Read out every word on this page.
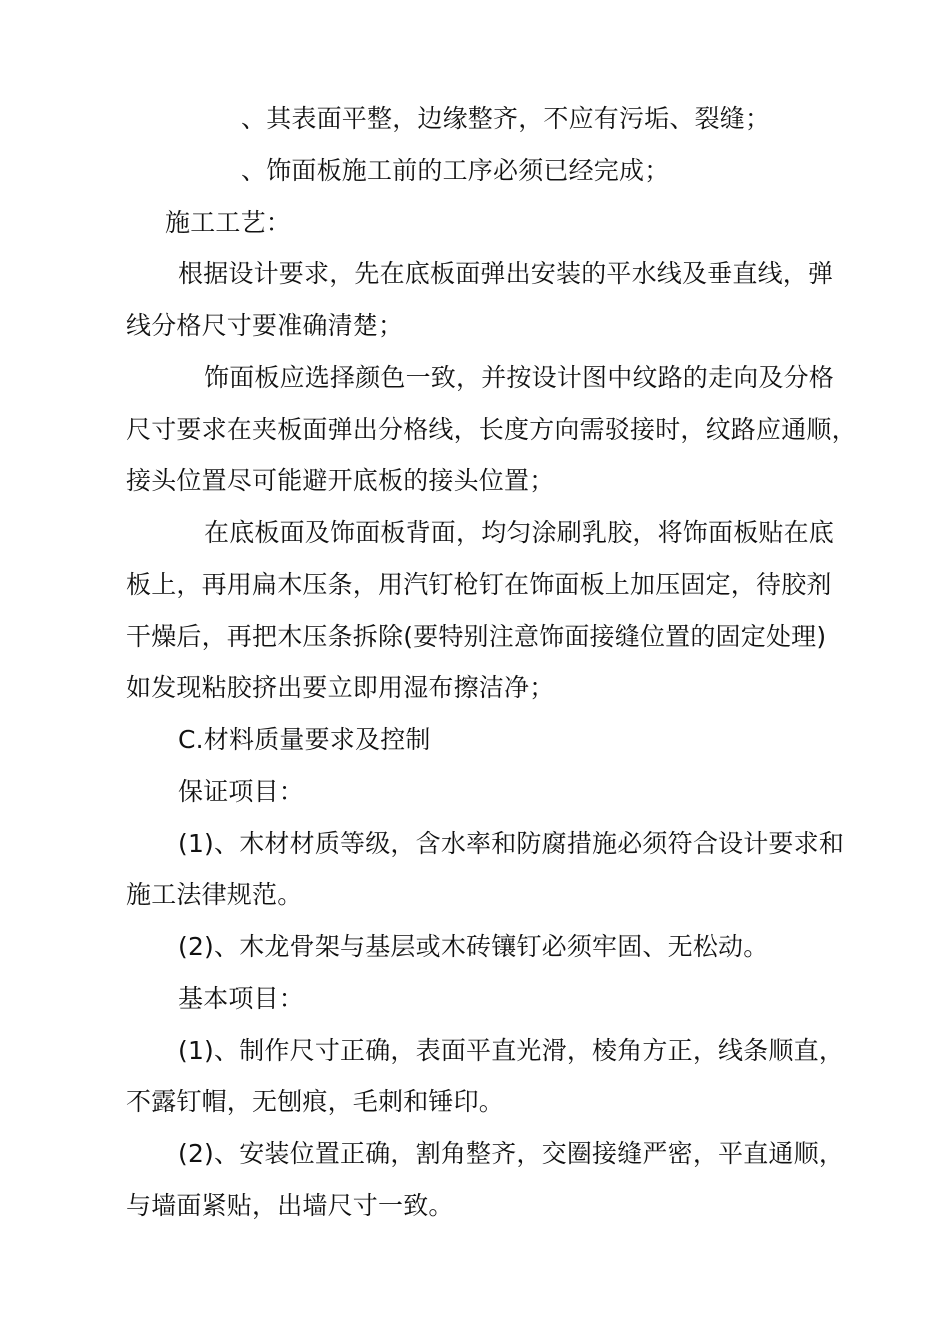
、其表面平整，边缘整齐，不应有污垢、裂缝；
、饰面板施工前的工序必须已经完成；
施工工艺：
根据设计要求，先在底板面弹出安装的平水线及垂直线，弹
线分格尺寸要准确清楚；
饰面板应选择颜色一致，并按设计图中纹路的走向及分格
尺寸要求在夹板面弹出分格线，长度方向需驳接时，纹路应通顺，
接头位置尽可能避开底板的接头位置；
在底板面及饰面板背面，均匀涂刷乳胶，将饰面板贴在底
板上，再用扁木压条，用汽钉枪钉在饰面板上加压固定，待胶剂
干燥后，再把木压条拆除(要特别注意饰面接缝位置的固定处理)
如发现粘胶挤出要立即用湿布擦洁净；
C.材料质量要求及控制
保证项目：
(1)、木材材质等级，含水率和防腐措施必须符合设计要求和
施工法律规范。
(2)、木龙骨架与基层或木砖镶钉必须牢固、无松动。
基本项目：
(1)、制作尺寸正确，表面平直光滑，棱角方正，线条顺直，
不露钉帽，无刨痕，毛刺和锤印。
(2)、安装位置正确，割角整齐，交圈接缝严密，平直通顺，
与墙面紧贴，出墙尺寸一致。
